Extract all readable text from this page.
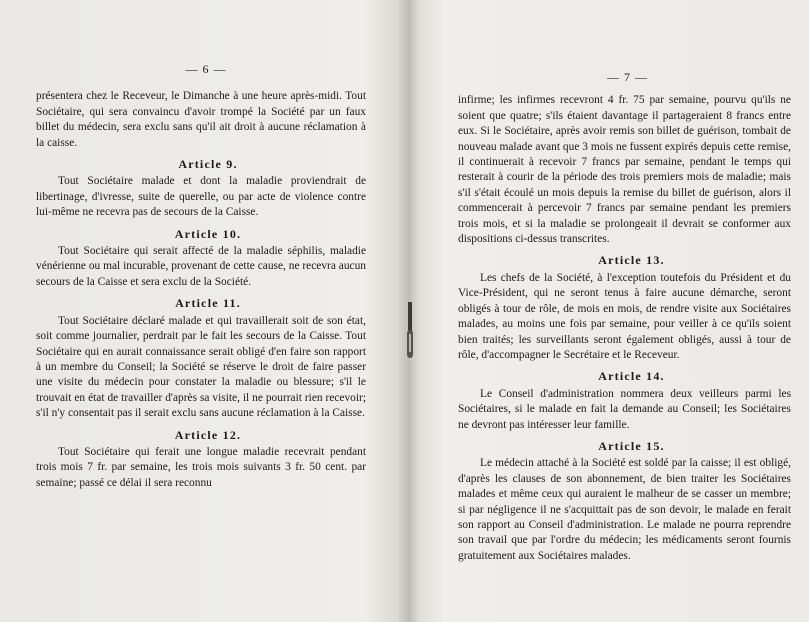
— 6 —

présentera chez le Receveur, le Dimanche à une heure après-midi. Tout Sociétaire, qui sera convaincu d'avoir trompé la Société par un faux billet du médecin, sera exclu sans qu'il ait droit à aucune réclamation à la caisse.

Article 9.

Tout Sociétaire malade et dont la maladie proviendrait de libertinage, d'ivresse, suite de querelle, ou par acte de violence contre lui-même ne recevra pas de secours de la Caisse.

Article 10.

Tout Sociétaire qui serait affecté de la maladie séphilis, maladie vénérienne ou mal incurable, provenant de cette cause, ne recevra aucun secours de la Caisse et sera exclu de la Société.

Article 11.

Tout Sociétaire déclaré malade et qui travaillerait soit de son état, soit comme journalier, perdrait par le fait les secours de la Caisse. Tout Sociétaire qui en aurait connaissance serait obligé d'en faire son rapport à un membre du Conseil; la Société se réserve le droit de faire passer une visite du médecin pour constater la maladie ou blessure; s'il le trouvait en état de travailler d'après sa visite, il ne pourrait rien recevoir; s'il n'y consentait pas il serait exclu sans aucune réclamation à la Caisse.

Article 12.

Tout Sociétaire qui ferait une longue maladie recevrait pendant trois mois 7 fr. par semaine, les trois mois suivants 3 fr. 50 cent. par semaine; passé ce délai il sera reconnu

— 7 —

infirme; les infirmes recevront 4 fr. 75 par semaine, pourvu qu'ils ne soient que quatre; s'ils étaient davantage il partageraient 8 francs entre eux. Si le Sociétaire, après avoir remis son billet de guérison, tombait de nouveau malade avant que 3 mois ne fussent expirés depuis cette remise, il continuerait à recevoir 7 francs par semaine, pendant le temps qui resterait à courir de la période des trois premiers mois de maladie; mais s'il s'était écoulé un mois depuis la remise du billet de guérison, alors il commencerait à percevoir 7 francs par semaine pendant les premiers trois mois, et si la maladie se prolongeait il devrait se conformer aux dispositions ci-dessus transcrites.

Article 13.

Les chefs de la Société, à l'exception toutefois du Président et du Vice-Président, qui ne seront tenus à faire aucune démarche, seront obligés à tour de rôle, de mois en mois, de rendre visite aux Sociétaires malades, au moins une fois par semaine, pour veiller à ce qu'ils soient bien traités; les surveillants seront également obligés, aussi à tour de rôle, d'accompagner le Secrétaire et le Receveur.

Article 14.

Le Conseil d'administration nommera deux veilleurs parmi les Sociétaires, si le malade en fait la demande au Conseil; les Sociétaires ne devront pas intéresser leur famille.

Article 15.

Le médecin attaché à la Société est soldé par la caisse; il est obligé, d'après les clauses de son abonnement, de bien traiter les Sociétaires malades et même ceux qui auraient le malheur de se casser un membre; si par négligence il ne s'acquittait pas de son devoir, le malade en ferait son rapport au Conseil d'administration. Le malade ne pourra reprendre son travail que par l'ordre du médecin; les médicaments seront fournis gratuitement aux Sociétaires malades.
